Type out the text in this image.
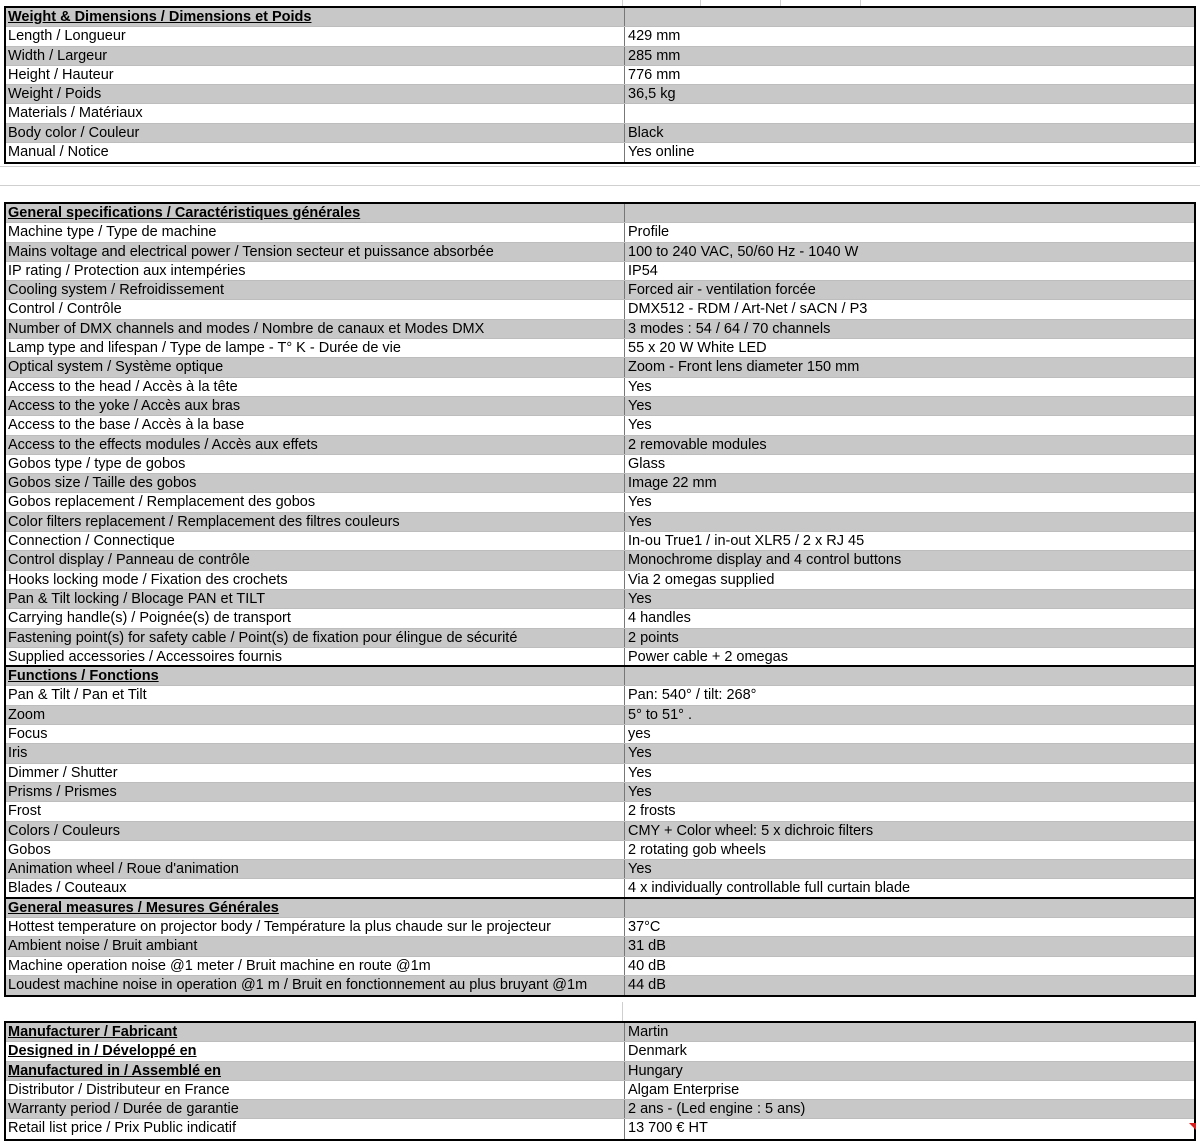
Weight & Dimensions / Dimensions et Poids
Length / Longueur	429 mm
Width / Largeur	285 mm
Height / Hauteur	776 mm
Weight / Poids	36,5 kg
Materials / Matériaux
Body color / Couleur	Black
Manual / Notice	Yes online
General specifications / Caractéristiques générales
Machine type / Type de machine	Profile
Mains voltage and electrical power / Tension secteur et puissance absorbée	100 to 240 VAC, 50/60 Hz - 1040 W
IP rating / Protection aux intempéries	IP54
Cooling system / Refroidissement	Forced air - ventilation forcée
Control / Contrôle	DMX512 - RDM / Art-Net / sACN / P3
Number of DMX channels and modes / Nombre de canaux et Modes DMX	3 modes : 54 / 64 / 70 channels
Lamp type and lifespan / Type de lampe - T° K - Durée de vie	55 x 20 W White LED
Optical system / Système optique	Zoom - Front lens diameter 150 mm
Access to the head / Accès à la tête	Yes
Access to the yoke / Accès aux bras	Yes
Access to the base / Accès à la base	Yes
Access to the effects modules / Accès aux effets	2 removable modules
Gobos type / type de gobos	Glass
Gobos size / Taille des gobos	Image 22 mm
Gobos replacement / Remplacement des gobos	Yes
Color filters replacement / Remplacement des filtres couleurs	Yes
Connection / Connectique	In-ou True1 / in-out XLR5 / 2 x RJ 45
Control display / Panneau de contrôle	Monochrome display and 4 control buttons
Hooks locking mode / Fixation des crochets	Via 2 omegas supplied
Pan & Tilt locking / Blocage PAN et TILT	Yes
Carrying handle(s) / Poignée(s) de transport	4 handles
Fastening point(s) for safety cable / Point(s) de fixation pour élingue de sécurité	2 points
Supplied accessories / Accessoires fournis	Power cable + 2 omegas
Functions / Fonctions
Pan & Tilt / Pan et Tilt	Pan: 540° / tilt: 268°
Zoom	5° to 51° .
Focus	yes
Iris	Yes
Dimmer / Shutter	Yes
Prisms / Prismes	Yes
Frost	2 frosts
Colors / Couleurs	CMY + Color wheel: 5 x dichroic filters
Gobos	2 rotating gob wheels
Animation wheel / Roue d'animation	Yes
Blades / Couteaux	4 x individually controllable full curtain blade
General measures / Mesures Générales
Hottest temperature on projector body / Température la plus chaude sur le projecteur	37°C
Ambient noise / Bruit ambiant	31 dB
Machine operation noise @1 meter / Bruit machine en route @1m	40 dB
Loudest machine noise in operation @1 m / Bruit en fonctionnement au plus bruyant @1m	44 dB
Manufacturer / Fabricant	Martin
Designed in / Développé en	Denmark
Manufactured in / Assemblé en	Hungary
Distributor / Distributeur en France	Algam Enterprise
Warranty period / Durée de garantie	2 ans - (Led engine : 5 ans)
Retail list price / Prix Public indicatif	13 700 € HT
